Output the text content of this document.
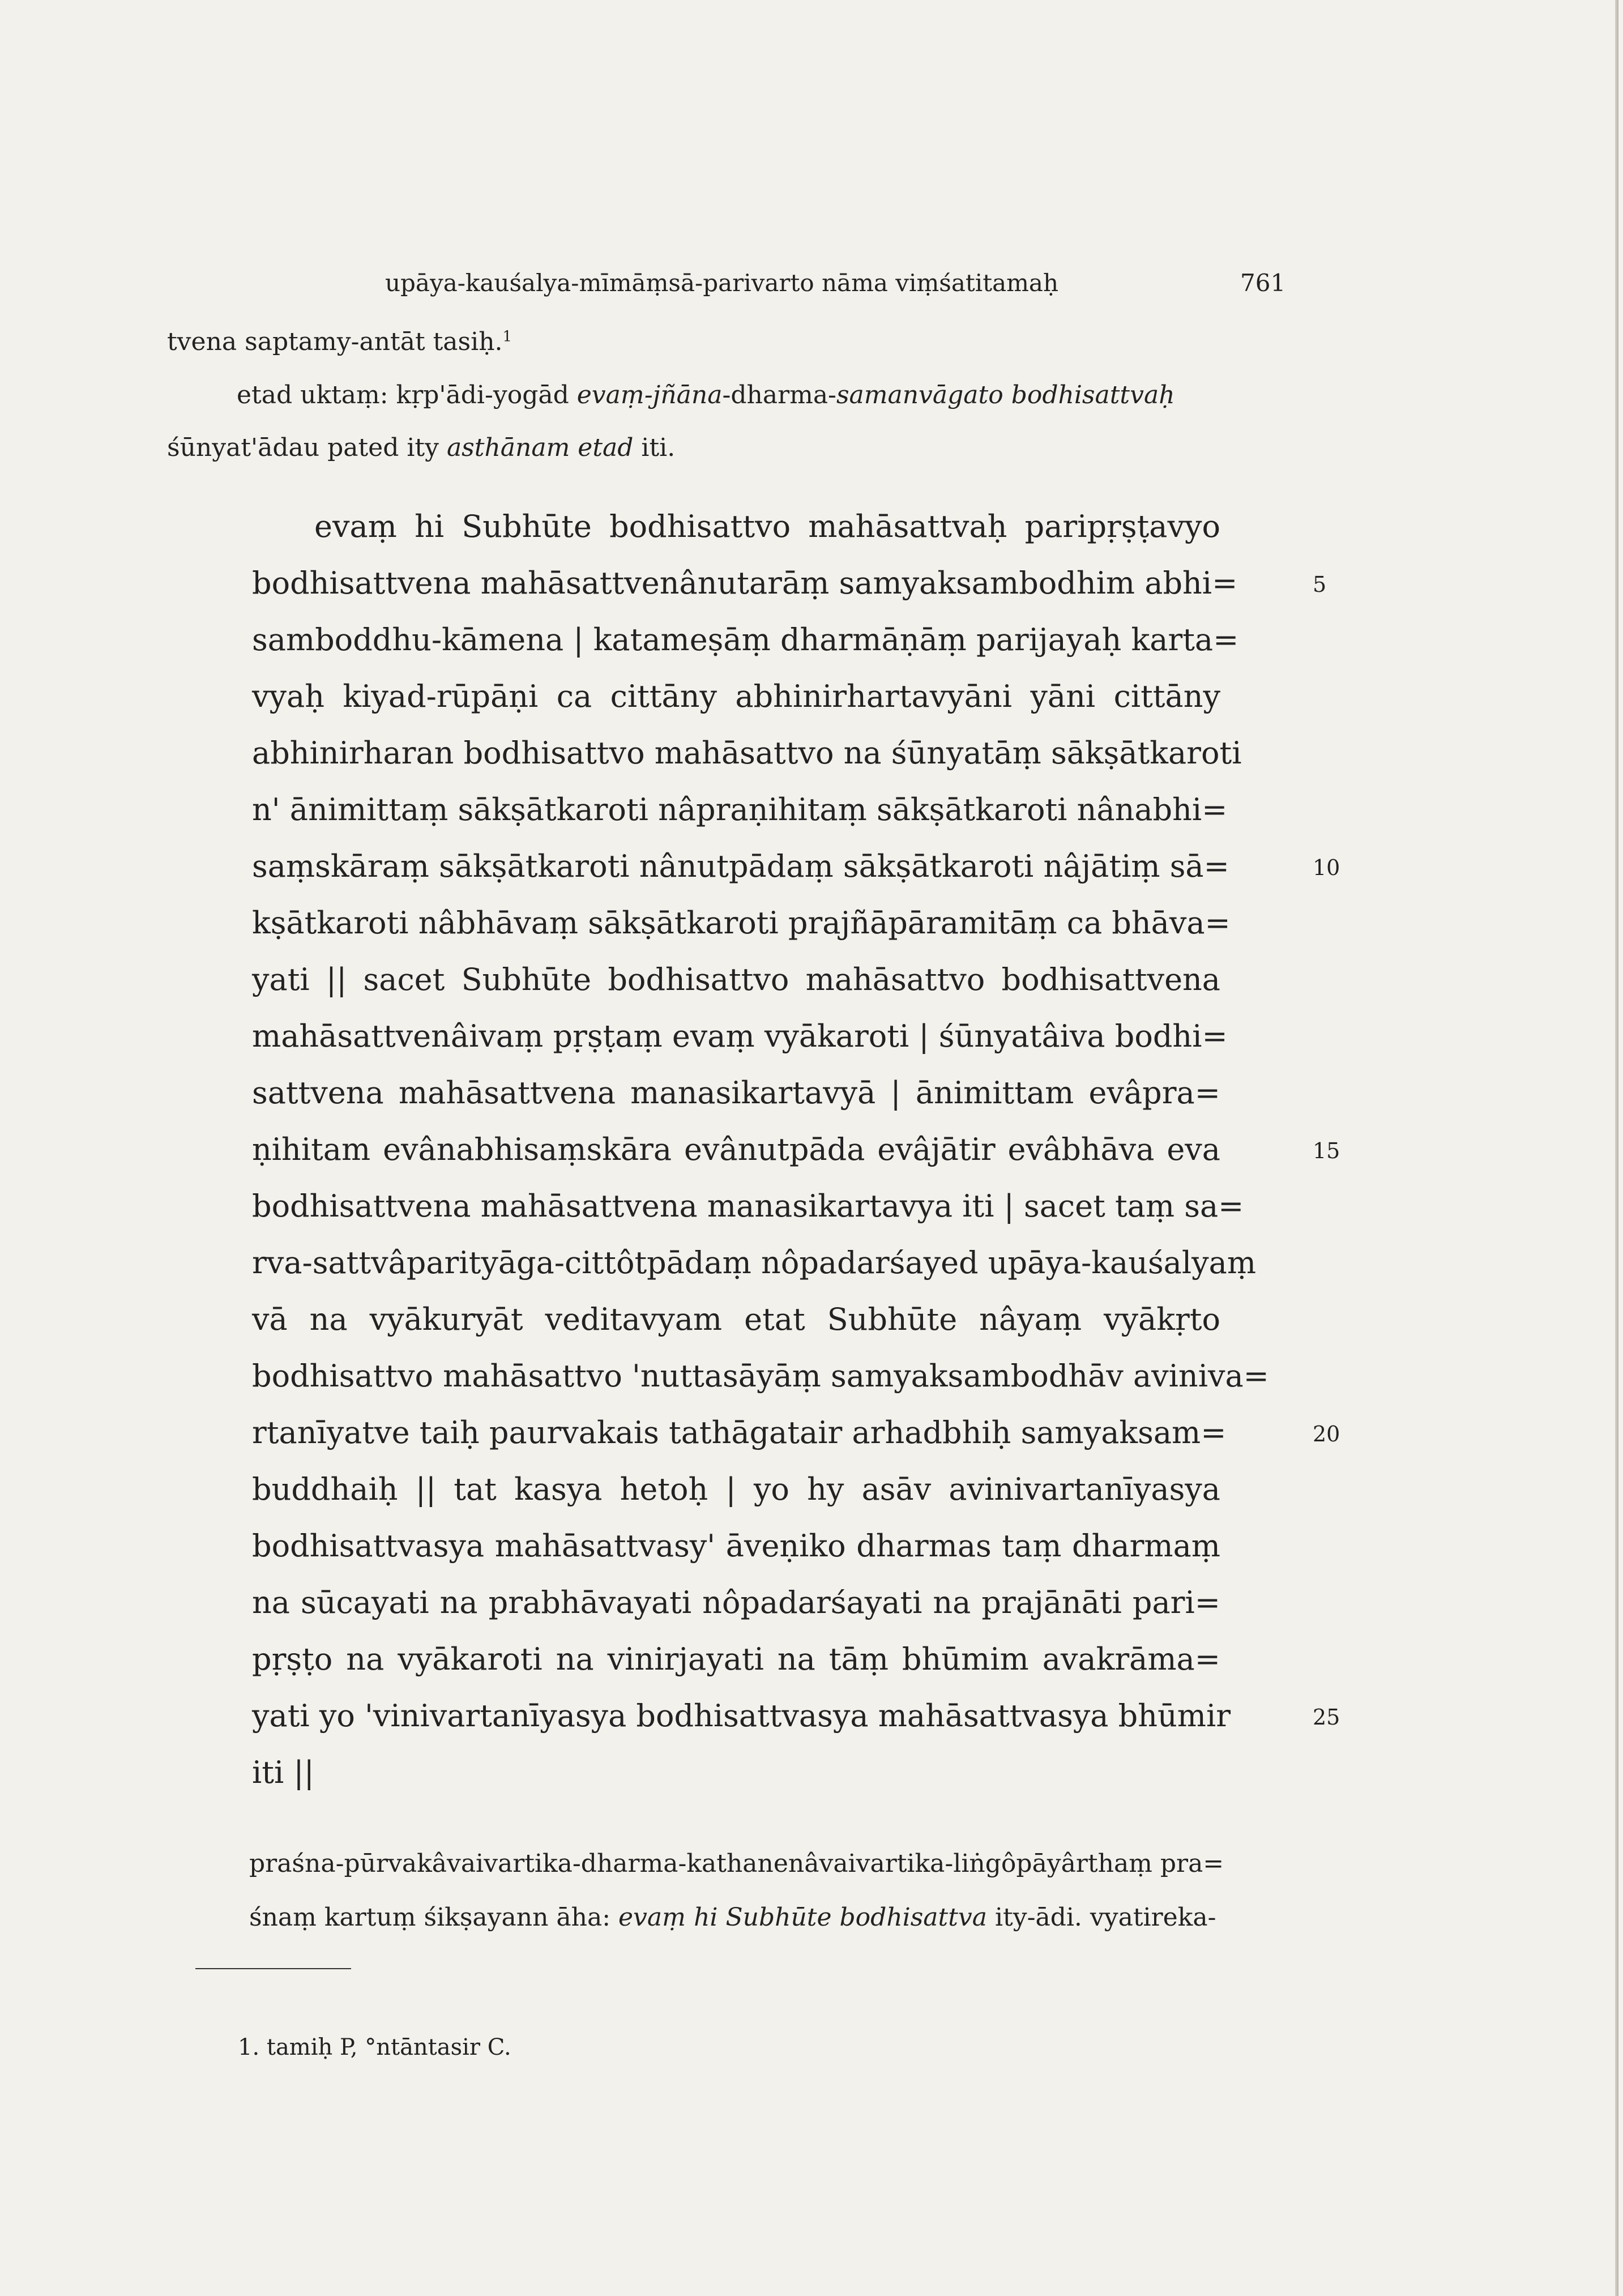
upāya-kauśalya-mīmāṃsā-parivarto nāma viṃśatitamaḥ	761
tvena saptamy-antāt tasiḥ.$^1$
etad uktaṃ: kṛp'ādi-yogād evaṃ-jñāna-dharma-samanvāgato bodhisattvaḥ
śūnyat'ādau pated ity asthānam etad iti.
evaṃ hi Subhūte bodhisattvo mahāsattvaḥ paripṛṣṭavyo
bodhisattvena mahāsattvenânutarāṃ samyaksambodhim abhi=
samboddhu-kāmena | katameṣāṃ dharmāṇāṃ parijayaḥ karta=
vyaḥ kiyad-rūpāṇi ca cittāny abhinirhartavyāni yāni cittāny
abhinirharan bodhisattvo mahāsattvo na śūnyatāṃ sākṣātkaroti
n' ānimittaṃ sākṣātkaroti nâpraṇihitaṃ sākṣātkaroti nânabhi=
saṃskāraṃ sākṣātkaroti nânutpādaṃ sākṣātkaroti nâjātiṃ sā=
kṣātkaroti nâbhāvaṃ sākṣātkaroti prajñāpāramitāṃ ca bhāva=
yati || sacet Subhūte bodhisattvo mahāsattvo bodhisattvena
mahāsattvenâivaṃ pṛṣṭaṃ evaṃ vyākaroti | śūnyatâiva bodhi=
sattvena mahāsattvena manasikartavyā | ānimittam evâpra=
ṇihitam evânabhisaṃskāra evânutpāda evâjātir evâbhāva eva
bodhisattvena mahāsattvena manasikartavya iti | sacet taṃ sa=
rva-sattvâparityāga-cittôtpādaṃ nôpadarśayed upāya-kauśalyaṃ
vā na vyākuryāt veditavyam etat Subhūte nâyaṃ vyākṛto
bodhisattvo mahāsattvo 'nuttasāyāṃ samyaksambodhāv aviniva=
rtanīyatve taiḥ paurvakais tathāgatair arhadbhiḥ samyaksam=
buddhaiḥ || tat kasya hetoḥ | yo hy asāv avinivartanīyasya
bodhisattvasya mahāsattvasy' āveṇiko dharmas taṃ dharmaṃ
na sūcayati na prabhāvayati nôpadarśayati na prajānāti pari=
pṛṣṭo na vyākaroti na vinirjayati na tāṃ bhūmim avakrāma=
yati yo 'vinivartanīyasya bodhisattvasya mahāsattvasya bhūmir
iti ||
5
10
15
20
25
praśna-pūrvakâvaivartika-dharma-kathanenâvaivartika-liṅgôpāyârthaṃ pra=
śnaṃ kartuṃ śikṣayann āha: evaṃ hi Subhūte bodhisattva ity-ādi. vyatireka-
1. tamiḥ P, °ntāntasir C.
